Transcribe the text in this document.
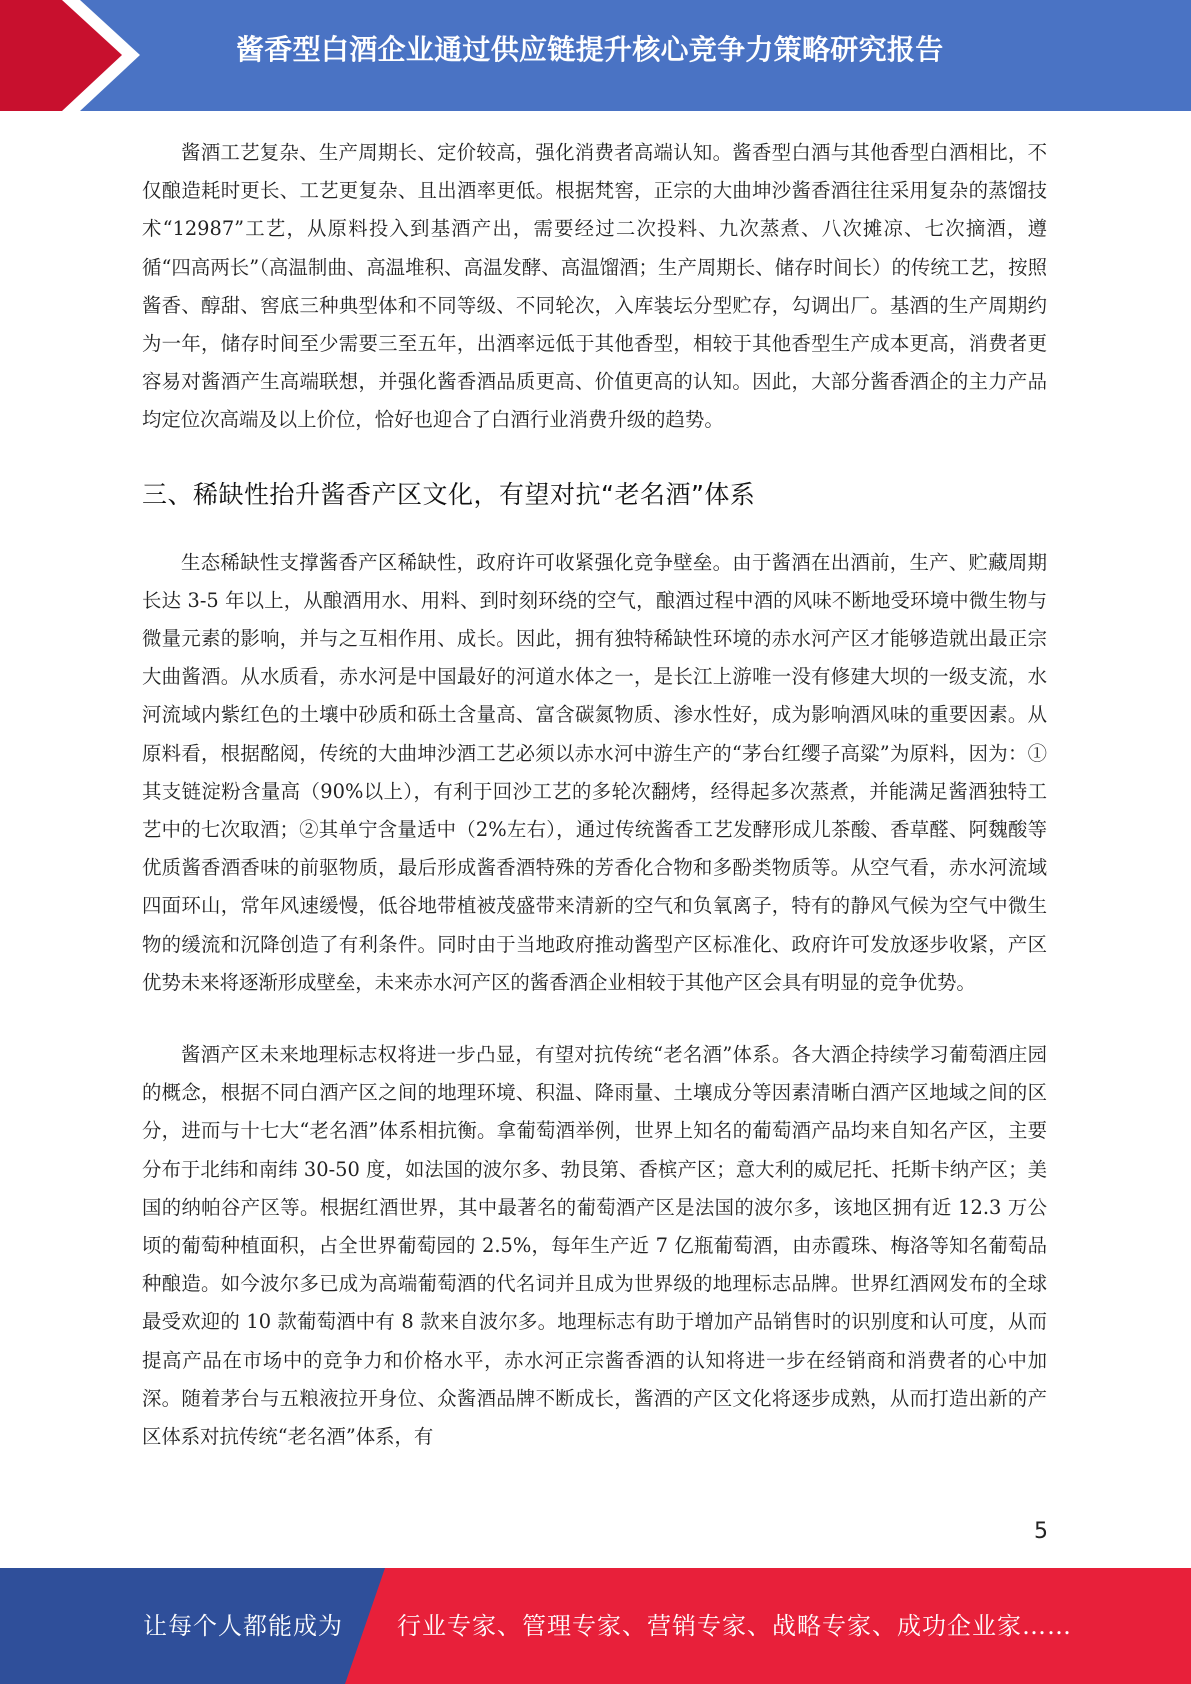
酱香型白酒企业通过供应链提升核心竞争力策略研究报告

酱酒工艺复杂、生产周期长、定价较高，强化消费者高端认知。酱香型白酒与其他香型白酒相比，不仅酿造耗时更长、工艺更复杂、且出酒率更低。根据梵窖，正宗的大曲坤沙酱香酒往往采用复杂的蒸馏技术“12987”工艺，从原料投入到基酒产出，需要经过二次投料、九次蒸煮、八次摊凉、七次摘酒，遵循“四高两长”（高温制曲、高温堆积、高温发酵、高温馏酒；生产周期长、储存时间长）的传统工艺，按照酱香、醇甜、窖底三种典型体和不同等级、不同轮次，入库装坛分型贮存，勾调出厂。基酒的生产周期约为一年，储存时间至少需要三至五年，出酒率远低于其他香型，相较于其他香型生产成本更高，消费者更容易对酱酒产生高端联想，并强化酱香酒品质更高、价值更高的认知。因此，大部分酱香酒企的主力产品均定位次高端及以上价位，恰好也迎合了白酒行业消费升级的趋势。

三、稀缺性抬升酱香产区文化，有望对抗“老名酒”体系

生态稀缺性支撑酱香产区稀缺性，政府许可收紧强化竞争壁垒。由于酱酒在出酒前，生产、贮藏周期长达 3-5 年以上，从酿酒用水、用料、到时刻环绕的空气，酿酒过程中酒的风味不断地受环境中微生物与微量元素的影响，并与之互相作用、成长。因此，拥有独特稀缺性环境的赤水河产区才能够造就出最正宗大曲酱酒。从水质看，赤水河是中国最好的河道水体之一，是长江上游唯一没有修建大坝的一级支流，水河流域内紫红色的土壤中砂质和砾土含量高、富含碳氮物质、渗水性好，成为影响酒风味的重要因素。从原料看，根据酩阅，传统的大曲坤沙酒工艺必须以赤水河中游生产的“茅台红缨子高粱”为原料，因为：①其支链淀粉含量高（90%以上），有利于回沙工艺的多轮次翻烤，经得起多次蒸煮，并能满足酱酒独特工艺中的七次取酒；②其单宁含量适中（2%左右），通过传统酱香工艺发酵形成儿茶酸、香草醛、阿魏酸等优质酱香酒香味的前驱物质，最后形成酱香酒特殊的芳香化合物和多酚类物质等。从空气看，赤水河流域四面环山，常年风速缓慢，低谷地带植被茂盛带来清新的空气和负氧离子，特有的静风气候为空气中微生物的缓流和沉降创造了有利条件。同时由于当地政府推动酱型产区标准化、政府许可发放逐步收紧，产区优势未来将逐渐形成壁垒，未来赤水河产区的酱香酒企业相较于其他产区会具有明显的竞争优势。

酱酒产区未来地理标志权将进一步凸显，有望对抗传统“老名酒”体系。各大酒企持续学习葡萄酒庄园的概念，根据不同白酒产区之间的地理环境、积温、降雨量、土壤成分等因素清晰白酒产区地域之间的区分，进而与十七大“老名酒”体系相抗衡。拿葡萄酒举例，世界上知名的葡萄酒产品均来自知名产区，主要分布于北纬和南纬 30-50 度，如法国的波尔多、勃艮第、香槟产区；意大利的威尼托、托斯卡纳产区；美国的纳帕谷产区等。根据红酒世界，其中最著名的葡萄酒产区是法国的波尔多，该地区拥有近 12.3 万公顷的葡萄种植面积，占全世界葡萄园的 2.5%，每年生产近 7 亿瓶葡萄酒，由赤霞珠、梅洛等知名葡萄品种酿造。如今波尔多已成为高端葡萄酒的代名词并且成为世界级的地理标志品牌。世界红酒网发布的全球最受欢迎的 10 款葡萄酒中有 8 款来自波尔多。地理标志有助于增加产品销售时的识别度和认可度，从而提高产品在市场中的竞争力和价格水平，赤水河正宗酱香酒的认知将进一步在经销商和消费者的心中加深。随着茅台与五粮液拉开身位、众酱酒品牌不断成长，酱酒的产区文化将逐步成熟，从而打造出新的产区体系对抗传统“老名酒”体系，有

5
让每个人都能成为 行业专家、管理专家、营销专家、战略专家、成功企业家……
